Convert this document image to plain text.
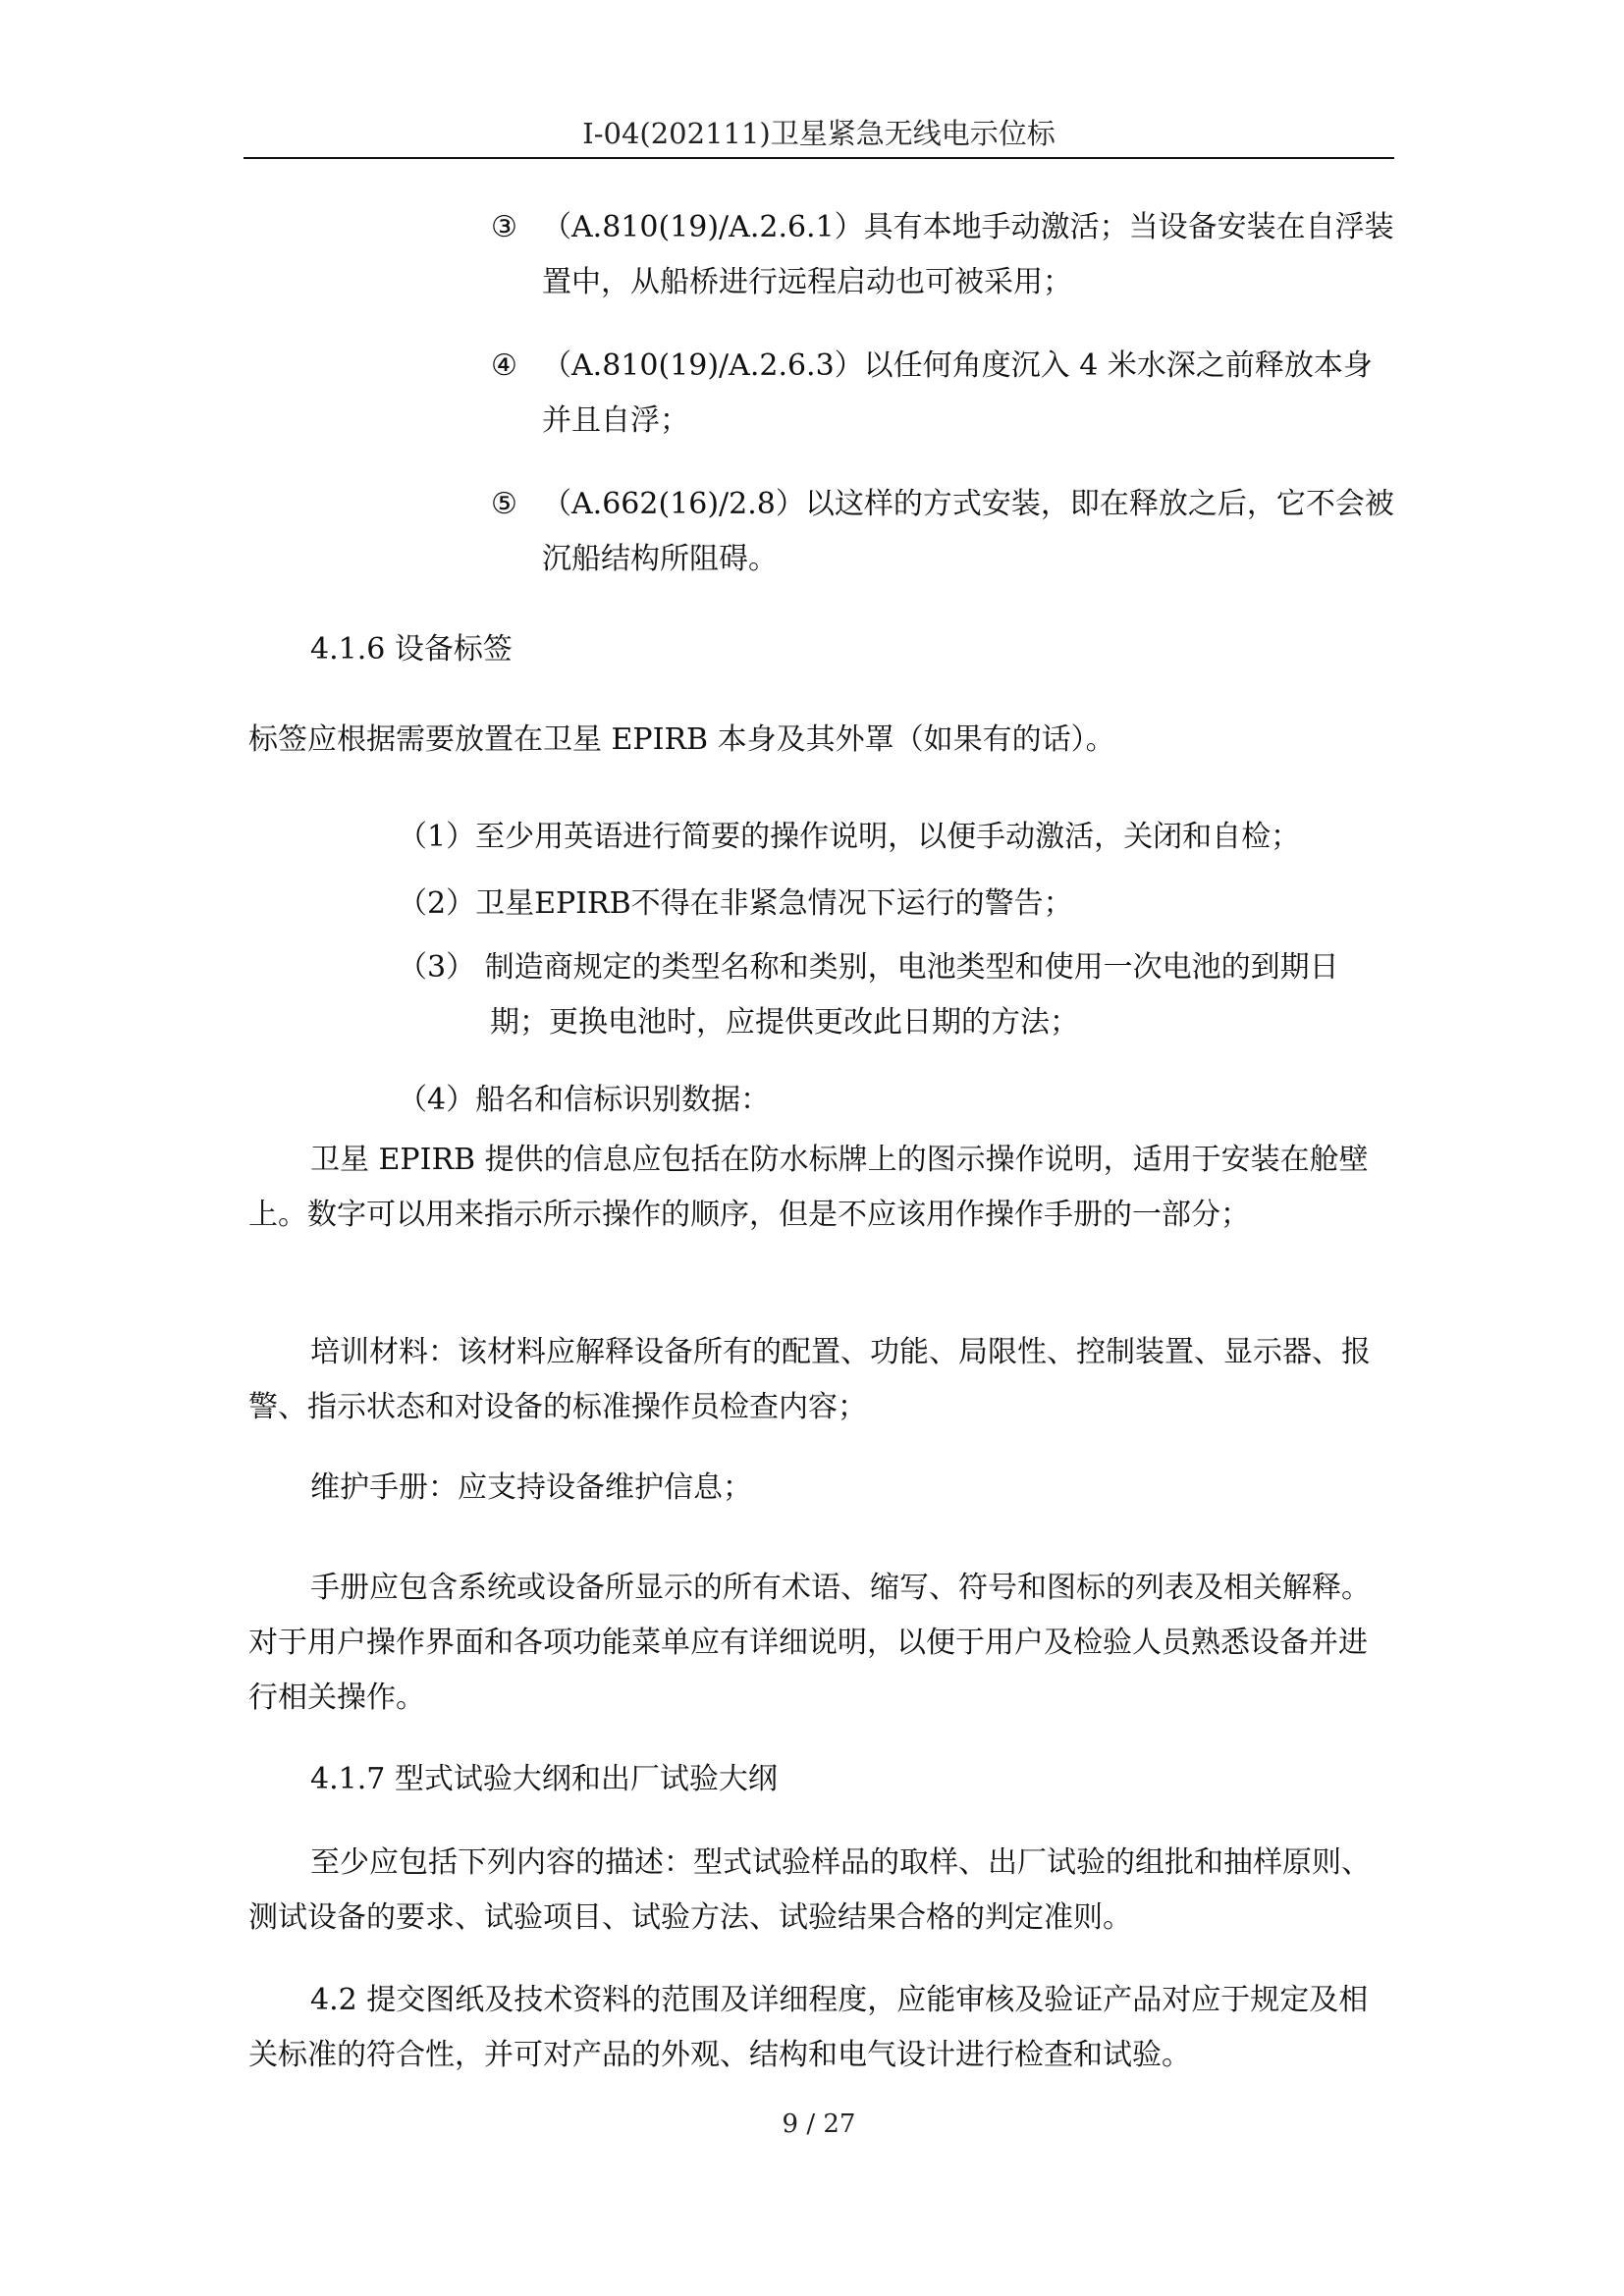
I-04(202111)卫星紧急无线电示位标
③ （A.810(19)/A.2.6.1）具有本地手动激活；当设备安装在自浮装置中，从船桥进行远程启动也可被采用；
④ （A.810(19)/A.2.6.3）以任何角度沉入 4 米水深之前释放本身并且自浮；
⑤ （A.662(16)/2.8）以这样的方式安装，即在释放之后，它不会被沉船结构所阻碍。
4.1.6 设备标签

标签应根据需要放置在卫星 EPIRB 本身及其外罩（如果有的话）。

（1）至少用英语进行简要的操作说明，以便手动激活，关闭和自检；

（2）卫星EPIRB不得在非紧急情况下运行的警告；

（3） 制造商规定的类型名称和类别，电池类型和使用一次电池的到期日期；更换电池时，应提供更改此日期的方法；

（4）船名和信标识别数据：

卫星 EPIRB 提供的信息应包括在防水标牌上的图示操作说明，适用于安装在舱壁上。数字可以用来指示所示操作的顺序，但是不应该用作操作手册的一部分；

培训材料：该材料应解释设备所有的配置、功能、局限性、控制装置、显示器、报警、指示状态和对设备的标准操作员检查内容；

维护手册：应支持设备维护信息；

手册应包含系统或设备所显示的所有术语、缩写、符号和图标的列表及相关解释。对于用户操作界面和各项功能菜单应有详细说明，以便于用户及检验人员熟悉设备并进行相关操作。

4.1.7 型式试验大纲和出厂试验大纲

至少应包括下列内容的描述：型式试验样品的取样、出厂试验的组批和抽样原则、测试设备的要求、试验项目、试验方法、试验结果合格的判定准则。

4.2 提交图纸及技术资料的范围及详细程度，应能审核及验证产品对应于规定及相关标准的符合性，并可对产品的外观、结构和电气设计进行检查和试验。

9 / 27
